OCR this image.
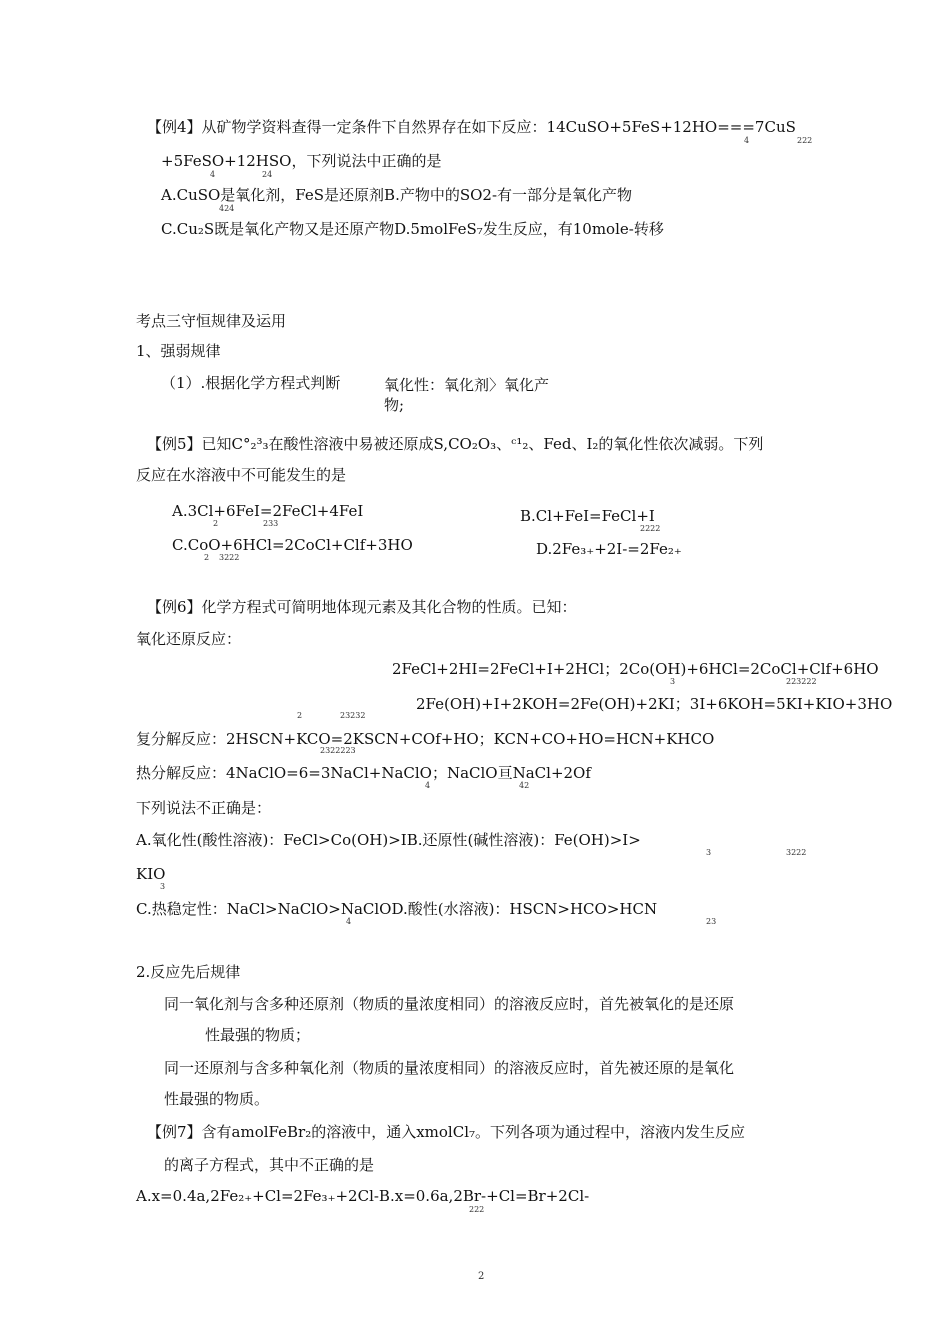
【例4】从矿物学资料查得一定条件下自然界存在如下反应：14CuSO+5FeS+12HO===7CuS
4	222
+5FeSO+12HSO，下列说法中正确的是
4	24
A.CuSO是氧化剂，FeS是还原剂B.产物中的SO2-有一部分是氧化产物
424
C.Cu₂S既是氧化产物又是还原产物D.5molFeS₇发生反应，有10mole-转移
考点三守恒规律及运用
1、强弱规律
（1）.根据化学方程式判断	氧化性：氧化剂〉氧化产
物;
【例5】已知C°₂³₃在酸性溶液中易被还原成S,CO₂O₃、ᶜ¹₂、Fed、I₂的氧化性依次减弱。下列
反应在水溶液中不可能发生的是
A.3Cl+6FeI=2FeCl+4FeI
2	233	B.Cl+FeI=FeCl+I
2222
C.CoO+6HCl=2CoCl+Clf+3HO
2 3222	D.2Fe₃₊+2I-=2Fe₂₊
【例6】化学方程式可简明地体现元素及其化合物的性质。已知：
氧化还原反应：
2FeCl+2HI=2FeCl+I+2HCl；2Co(OH)+6HCl=2CoCl+Clf+6HO
3	223222
2Fe(OH)+I+2KOH=2Fe(OH)+2KI；3I+6KOH=5KI+KIO+3HO
2	23232
复分解反应：2HSCN+KCO=2KSCN+COf+HO；KCN+CO+HO=HCN+KHCO
2322223
热分解反应：4NaClO=6=3NaCl+NaClO；NaClO亘NaCl+2Of
4	42
下列说法不正确是：
A.氧化性(酸性溶液)：FeCl>Co(OH)>IB.还原性(碱性溶液)：Fe(OH)>I>
3	3222
KIO
3
C.热稳定性：NaCl>NaClO>NaClOD.酸性(水溶液)：HSCN>HCO>HCN
4	23
2.反应先后规律
同一氧化剂与含多种还原剂（物质的量浓度相同）的溶液反应时，首先被氧化的是还原
性最强的物质；
同一还原剂与含多种氧化剂（物质的量浓度相同）的溶液反应时，首先被还原的是氧化
性最强的物质。
【例7】含有amolFeBr₂的溶液中，通入xmolCl₇。下列各项为通过程中，溶液内发生反应
的离子方程式，其中不正确的是
A.x=0.4a,2Fe₂₊+Cl=2Fe₃₊+2Cl-B.x=0.6a,2Br-+Cl=Br+2Cl-
222
2
